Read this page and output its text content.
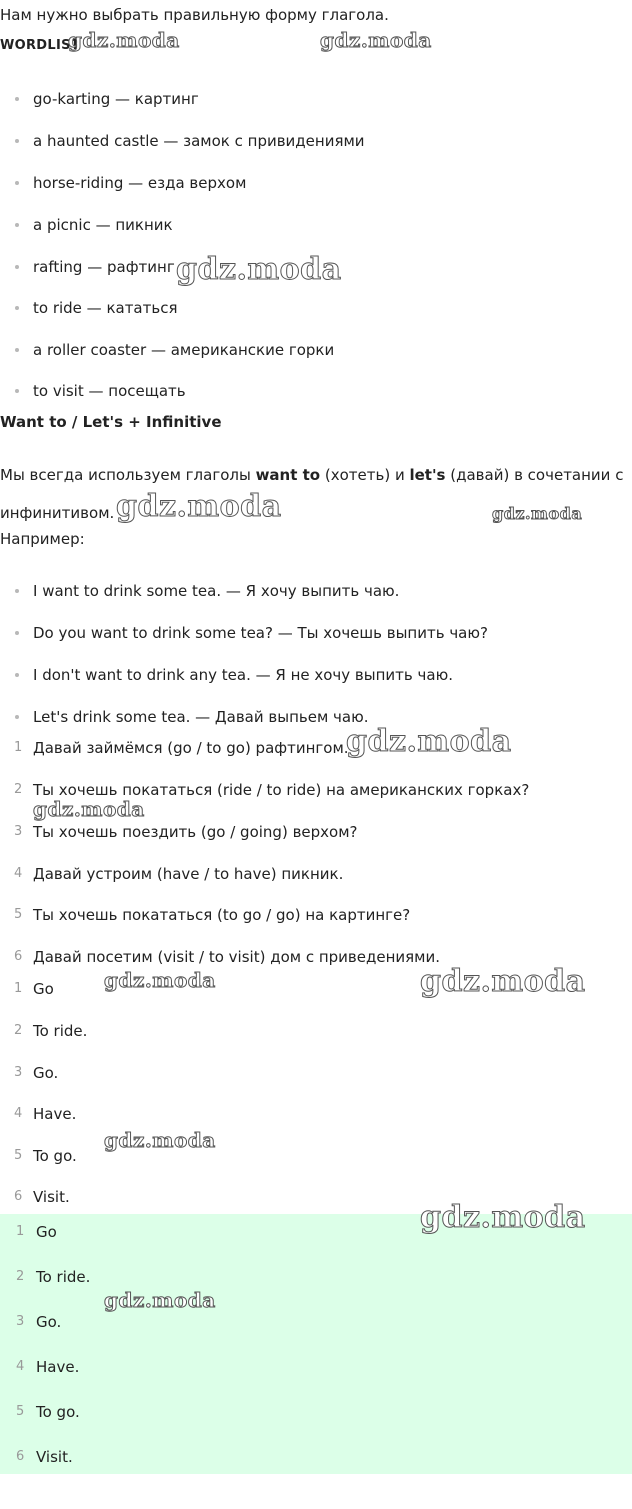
Нам нужно выбрать правильную форму глагола.
WORDLIST
go-karting — картинг
a haunted castle — замок с привидениями
horse-riding — езда верхом
a picnic — пикник
rafting — рафтинг
to ride — кататься
a roller coaster — американские горки
to visit — посещать
Want to / Let's + Infinitive
Мы всегда используем глаголы want to (хотеть) и let's (давай) в сочетании с инфинитивом.
Например:
I want to drink some tea. — Я хочу выпить чаю.
Do you want to drink some tea? — Ты хочешь выпить чаю?
I don't want to drink any tea. — Я не хочу выпить чаю.
Let's drink some tea. — Давай выпьем чаю.
1 Давай займёмся (go / to go) рафтингом.
2 Ты хочешь покататься (ride / to ride) на американских горках?
3 Ты хочешь поездить (go / going) верхом?
4 Давай устроим (have / to have) пикник.
5 Ты хочешь покататься (to go / go) на картинге?
6 Давай посетим (visit / to visit) дом с приведениями.
1 Go
2 To ride.
3 Go.
4 Have.
5 To go.
6 Visit.
1 Go
2 To ride.
3 Go.
4 Have.
5 To go.
6 Visit.
gdz.moda	gdz.moda
gdz.moda
gdz.moda	gdz.moda
gdz.moda
gdz.moda
gdz.moda	gdz.moda
gdz.moda
gdz.moda
gdz.moda
